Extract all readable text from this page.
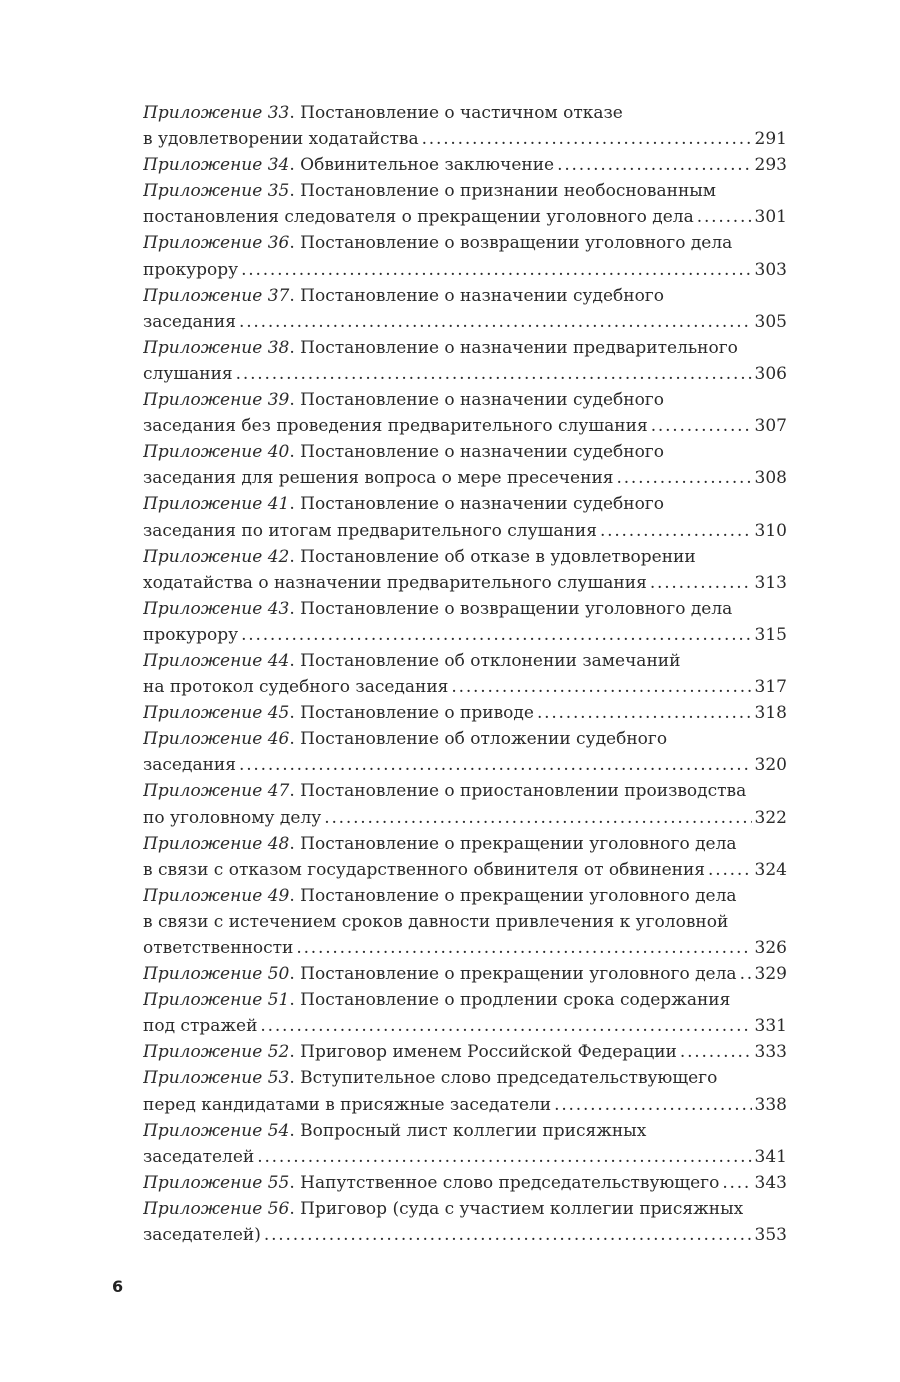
Приложение 33. Постановление о частичном отказе
в удовлетворении ходатайства . . .	291
Приложение 34. Обвинительное заключение . . .	293
Приложение 35. Постановление о признании необоснованным
постановления следователя о прекращении уголовного дела . . .	301
Приложение 36. Постановление о возвращении уголовного дела
прокурору . . .	303
Приложение 37. Постановление о назначении судебного
заседания . . .	305
Приложение 38. Постановление о назначении предварительного
слушания . . .	306
Приложение 39. Постановление о назначении судебного
заседания без проведения предварительного слушания . . .	307
Приложение 40. Постановление о назначении судебного
заседания для решения вопроса о мере пресечения . . .	308
Приложение 41. Постановление о назначении судебного
заседания по итогам предварительного слушания . . .	310
Приложение 42. Постановление об отказе в удовлетворении
ходатайства о назначении предварительного слушания . . .	313
Приложение 43. Постановление о возвращении уголовного дела
прокурору . . .	315
Приложение 44. Постановление об отклонении замечаний
на протокол судебного заседания . . .	317
Приложение 45. Постановление о приводе . . .	318
Приложение 46. Постановление об отложении судебного
заседания . . .	320
Приложение 47. Постановление о приостановлении производства
по уголовному делу . . .	322
Приложение 48. Постановление о прекращении уголовного дела
в связи с отказом государственного обвинителя от обвинения . . .	324
Приложение 49. Постановление о прекращении уголовного дела
в связи с истечением сроков давности привлечения к уголовной
ответственности . . .	326
Приложение 50. Постановление о прекращении уголовного дела . . . 329
Приложение 51. Постановление о продлении срока содержания
под стражей . . .	331
Приложение 52. Приговор именем Российской Федерации . . .	333
Приложение 53. Вступительное слово председательствующего
перед кандидатами в присяжные заседатели . . .	338
Приложение 54. Вопросный лист коллегии присяжных
заседателей . . .	341
Приложение 55. Напутственное слово председательствующего . . . 343
Приложение 56. Приговор (суда с участием коллегии присяжных
заседателей) . . .	353
6
